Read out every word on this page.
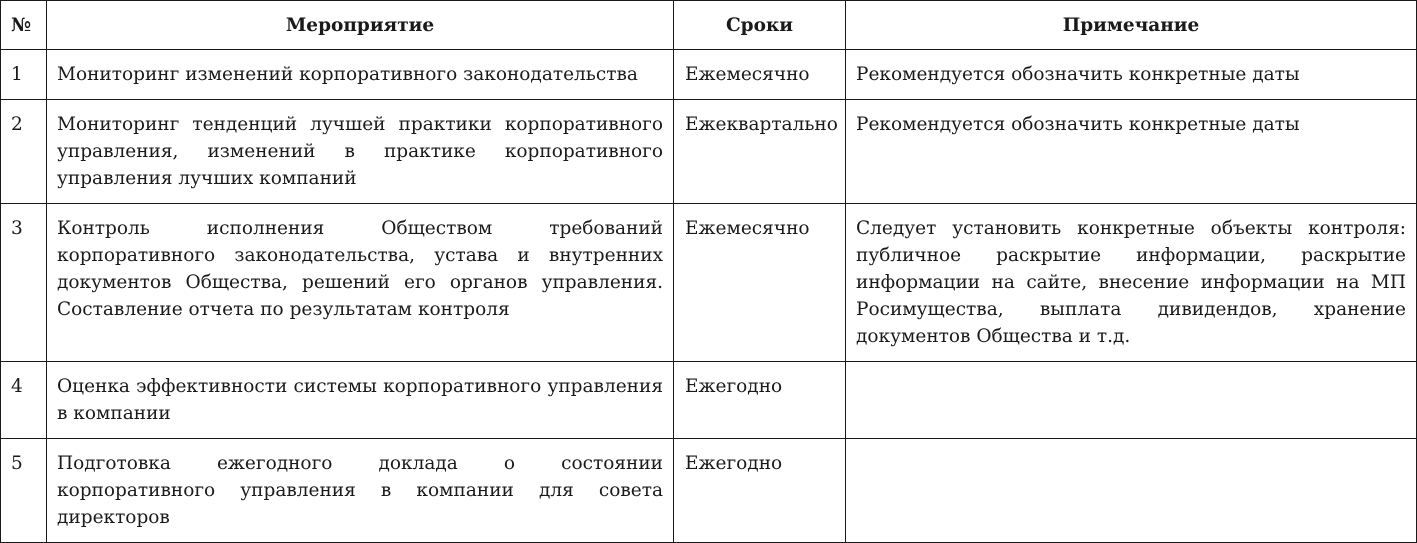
№	Мероприятие	Сроки	Примечание
1	Мониторинг изменений корпоративного законодательства	Ежемесячно	Рекомендуется обозначить конкретные даты
2	Мониторинг тенденций лучшей практики корпоративного управления, изменений в практике корпоративного управления лучших компаний	Ежеквартально	Рекомендуется обозначить конкретные даты
3	Контроль исполнения Обществом требований корпоративного законодательства, устава и внутренних документов Общества, решений его органов управления. Составление отчета по результатам контроля	Ежемесячно	Следует установить конкретные объекты контроля: публичное раскрытие информации, раскрытие информации на сайте, внесение информации на МП Росимущества, выплата дивидендов, хранение документов Общества и т.д.
4	Оценка эффективности системы корпоративного управления в компании	Ежегодно	
5	Подготовка ежегодного доклада о состоянии корпоративного управления в компании для совета директоров	Ежегодно	
